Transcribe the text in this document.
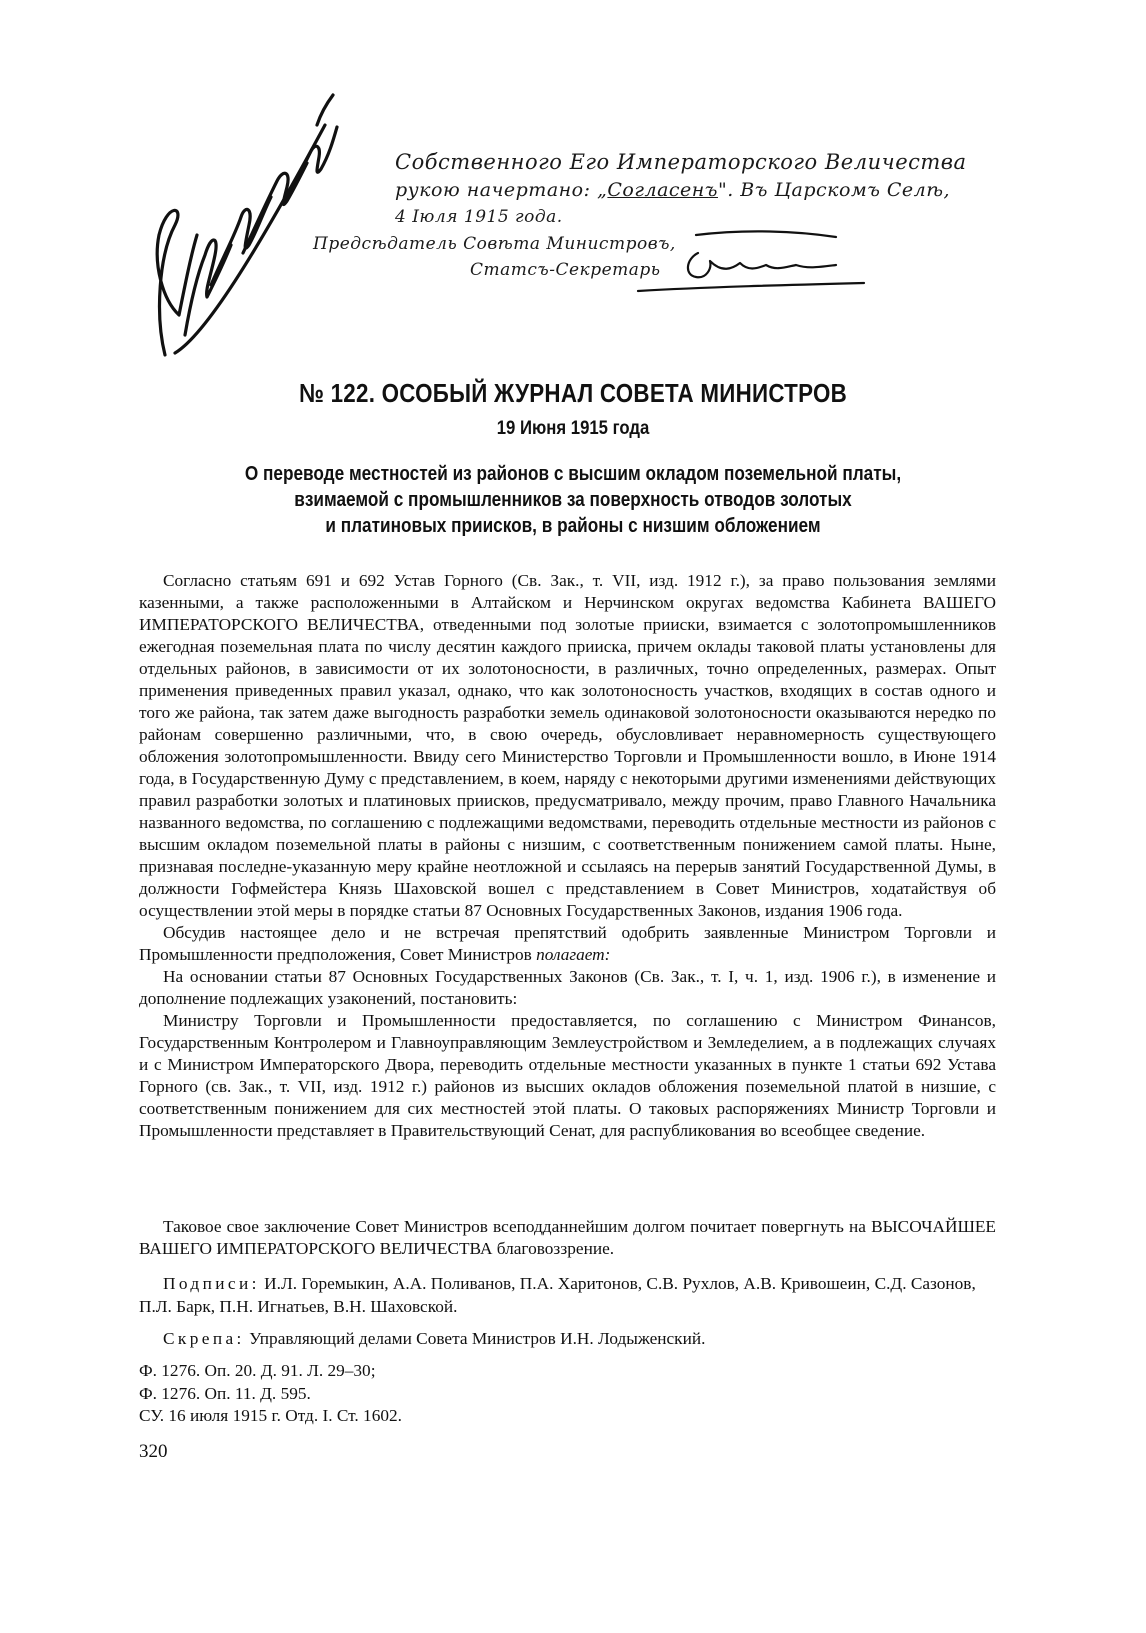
Собственного Его Императорского Величества
рукою начертано: „Согласенъ". Въ Царскомъ Селѣ,
4 Іюля 1915 года.
Предсѣдатель Совѣта Министровъ,
Статсъ-Секретарь
№ 122. ОСОБЫЙ ЖУРНАЛ СОВЕТА МИНИСТРОВ
19 Июня 1915 года
О переводе местностей из районов с высшим окладом поземельной платы,
взимаемой с промышленников за поверхность отводов золотых
и платиновых приисков, в районы с низшим обложением

Согласно статьям 691 и 692 Устав Горного (Св. Зак., т. VII, изд. 1912 г.), за право пользования землями казенными, а также расположенными в Алтайском и Нерчинском округах ведомства Кабинета ВАШЕГО ИМПЕРАТОРСКОГО ВЕЛИЧЕСТВА, отведенными под золотые прииски, взимается с золотопромышленников ежегодная поземельная плата по числу десятин каждого прииска, причем оклады таковой платы установлены для отдельных районов, в зависимости от их золотоносности, в различных, точно определенных, размерах. Опыт применения приведенных правил указал, однако, что как золотоносность участков, входящих в состав одного и того же района, так затем даже выгодность разработки земель одинаковой золотоносности оказываются нередко по районам совершенно различными, что, в свою очередь, обусловливает неравномерность существующего обложения золотопромышленности. Ввиду сего Министерство Торговли и Промышленности вошло, в Июне 1914 года, в Государственную Думу с представлением, в коем, наряду с некоторыми другими изменениями действующих правил разработки золотых и платиновых приисков, предусматривало, между прочим, право Главного Начальника названного ведомства, по соглашению с подлежащими ведомствами, переводить отдельные местности из районов с высшим окладом поземельной платы в районы с низшим, с соответственным понижением самой платы. Ныне, признавая последне-указанную меру крайне неотложной и ссылаясь на перерыв занятий Государственной Думы, в должности Гофмейстера Князь Шаховской вошел с представлением в Совет Министров, ходатайствуя об осуществлении этой меры в порядке статьи 87 Основных Государственных Законов, издания 1906 года.

Обсудив настоящее дело и не встречая препятствий одобрить заявленные Министром Торговли и Промышленности предположения, Совет Министров полагает:

На основании статьи 87 Основных Государственных Законов (Св. Зак., т. I, ч. 1, изд. 1906 г.), в изменение и дополнение подлежащих узаконений, постановить:

Министру Торговли и Промышленности предоставляется, по соглашению с Министром Финансов, Государственным Контролером и Главноуправляющим Землеустройством и Земледелием, а в подлежащих случаях и с Министром Императорского Двора, переводить отдельные местности указанных в пункте 1 статьи 692 Устава Горного (св. Зак., т. VII, изд. 1912 г.) районов из высших окладов обложения поземельной платой в низшие, с соответственным понижением для сих местностей этой платы. О таковых распоряжениях Министр Торговли и Промышленности представляет в Правительствующий Сенат, для распубликования во всеобщее сведение.

Таковое свое заключение Совет Министров всеподданнейшим долгом почитает повергнуть на ВЫСОЧАЙШЕЕ ВАШЕГО ИМПЕРАТОРСКОГО ВЕЛИЧЕСТВА благовоззрение.

Подписи: И.Л. Горемыкин, А.А. Поливанов, П.А. Харитонов, С.В. Рухлов, А.В. Кривошеин, С.Д. Сазонов, П.Л. Барк, П.Н. Игнатьев, В.Н. Шаховской.
Скрепа: Управляющий делами Совета Министров И.Н. Лодыженский.
Ф. 1276. Оп. 20. Д. 91. Л. 29–30;
Ф. 1276. Оп. 11. Д. 595.
СУ. 16 июля 1915 г. Отд. I. Ст. 1602.
320
